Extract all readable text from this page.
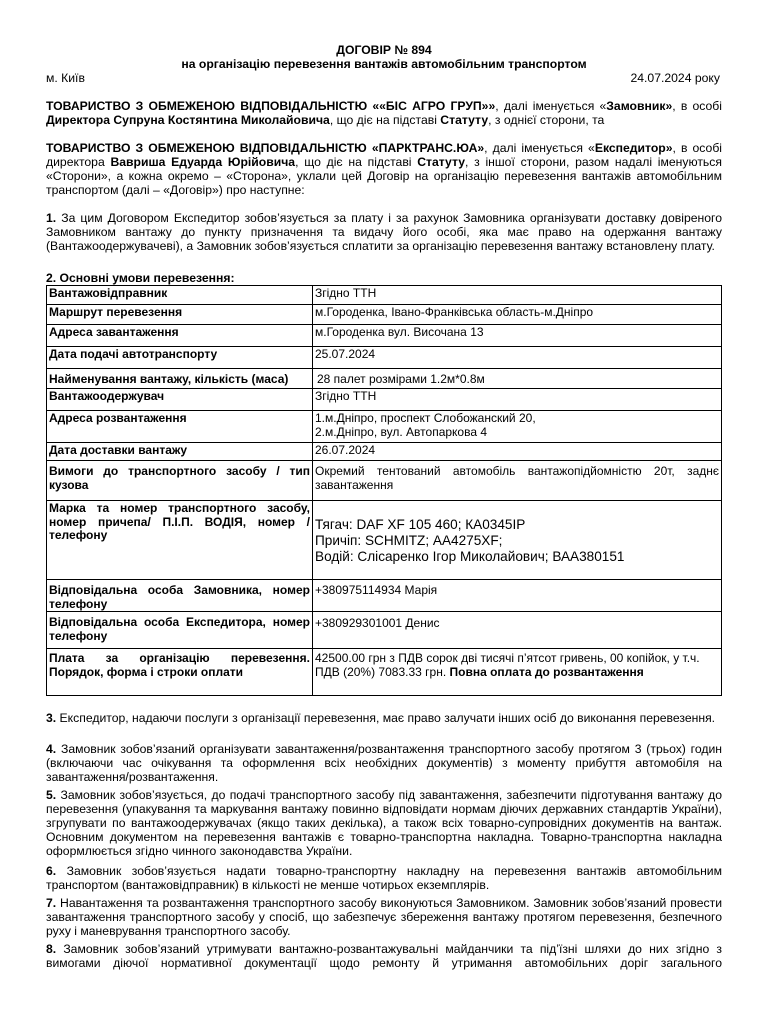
ДОГОВІР № 894
на організацію перевезення вантажів автомобільним транспортом
м. Київ	24.07.2024 року
ТОВАРИСТВО З ОБМЕЖЕНОЮ ВІДПОВІДАЛЬНІСТЮ ««БІС АГРО ГРУП»», далі іменується «Замовник», в особі Директора Супруна Костянтина Миколайовича, що діє на підставі Статуту, з однієї сторони, та
ТОВАРИСТВО З ОБМЕЖЕНОЮ ВІДПОВІДАЛЬНІСТЮ «ПАРКТРАНС.ЮА», далі іменується «Експедитор», в особі директора Вавриша Едуарда Юрійовича, що діє на підставі Статуту, з іншої сторони, разом надалі іменуються «Сторони», а кожна окремо – «Сторона», уклали цей Договір на організацію перевезення вантажів автомобільним транспортом (далі – «Договір») про наступне:
1. За цим Договором Експедитор зобов’язується за плату і за рахунок Замовника організувати доставку довіреного Замовником вантажу до пункту призначення та видачу його особі, яка має право на одержання вантажу (Вантажоодержувачеві), а Замовник зобов’язується сплатити за організацію перевезення вантажу встановлену плату.
2. Основні умови перевезення:
Вантажовідправник	Згідно ТТН
Маршрут перевезення	м.Городенка, Івано-Франківська область-м.Дніпро
Адреса завантаження	м.Городенка вул. Височана 13
Дата подачі автотранспорту	25.07.2024
Найменування вантажу, кількість (маса)	28 палет розмірами 1.2м*0.8м
Вантажоодержувач	Згідно ТТН
Адреса розвантаження	1.м.Дніпро, проспект Слобожанский 20,
2.м.Дніпро, вул. Автопаркова 4

Дата доставки вантажу	26.07.2024
Вимоги до транспортного засобу / тип кузова	Окремий тентований автомобіль вантажопідйомністю 20т, заднє завантаження
Марка та номер транспортного засобу, номер причепа/ П.І.П. ВОДІЯ, номер / телефону	Тягач: DAF XF 105 460; КА0345ІР
Причіп: SCHMITZ; АА4275XF;
Водій: Слісаренко Ігор Миколайович; ВАА380151

Відповідальна особа Замовника, номер телефону	+380975114934 Марія
Відповідальна особа Експедитора, номер телефону	+380929301001 Денис
Плата за організацію перевезення. Порядок, форма і строки оплати	42500.00 грн з ПДВ сорок дві тисячі п’ятсот гривень, 00 копійок, у т.ч. ПДВ (20%) 7083.33 грн. Повна оплата до розвантаження
3. Експедитор, надаючи послуги з організації перевезення, має право залучати інших осіб до виконання перевезення.
4. Замовник зобов’язаний організувати завантаження/розвантаження транспортного засобу протягом 3 (трьох) годин (включаючи час очікування та оформлення всіх необхідних документів) з моменту прибуття автомобіля на завантаження/розвантаження.
5. Замовник зобов’язується, до подачі транспортного засобу під завантаження, забезпечити підготування вантажу до перевезення (упакування та маркування вантажу повинно відповідати нормам діючих державних стандартів України), згрупувати по вантажоодержувачах (якщо таких декілька), а також всіх товарно-супровідних документів на вантаж. Основним документом на перевезення вантажів є товарно-транспортна накладна. Товарно-транспортна накладна оформлюється згідно чинного законодавства України.
6. Замовник зобов’язується надати товарно-транспортну накладну на перевезення вантажів автомобільним транспортом (вантажовідправник) в кількості не менше чотирьох екземплярів.
7. Навантаження та розвантаження транспортного засобу виконуються Замовником. Замовник зобов’язаний провести завантаження транспортного засобу у спосіб, що забезпечує збереження вантажу протягом перевезення, безпечного руху і маневрування транспортного засобу.
8. Замовник зобов’язаний утримувати вантажно-розвантажувальні майданчики та під’їзні шляхи до них згідно з вимогами діючої нормативної документації щодо ремонту й утримання автомобільних доріг загального
